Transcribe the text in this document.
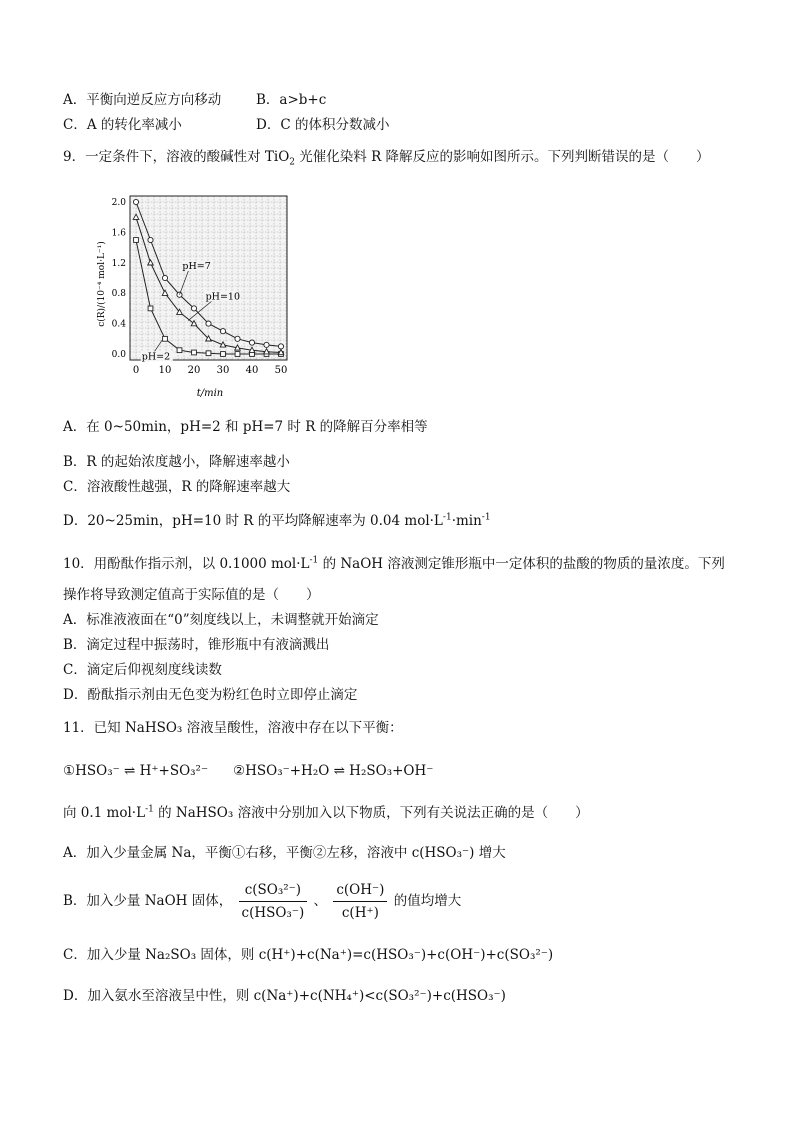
A．平衡向逆反应方向移动	B．a>b+c
C．A 的转化率减小	D．C 的体积分数减小
9．一定条件下，溶液的酸碱性对 TiO$_2$ 光催化染料 R 降解反应的影响如图所示。下列判断错误的是（　　）
0 10 20 30 40 50
0.0
0.4
0.8
1.2
1.6
2.0
c(R)/(10⁻⁴ mol·L⁻¹)
t/min
pH=2
pH=7
pH=10
A．在 0~50min，pH=2 和 pH=7 时 R 的降解百分率相等
B．R 的起始浓度越小，降解速率越小
C．溶液酸性越强，R 的降解速率越大
D．20~25min，pH=10 时 R 的平均降解速率为 0.04 $mol\cdot L^{-1}\cdot\min^{-1}$
10．用酚酞作指示剂，以 0.1000 $mol\cdot L^{-1}$ 的 NaOH 溶液测定锥形瓶中一定体积的盐酸的物质的量浓度。下列
操作将导致测定值高于实际值的是（　　）
A．标准液液面在“0”刻度线以上，未调整就开始滴定
B．滴定过程中振荡时，锥形瓶中有液滴溅出
C．滴定后仰视刻度线读数
D．酚酞指示剂由无色变为粉红色时立即停止滴定
11．已知 NaHSO₃ 溶液呈酸性，溶液中存在以下平衡：
①HSO₃⁻ ⇌ H⁺+SO₃²⁻ ②HSO₃⁻+H₂O ⇌ H₂SO₃+OH⁻
向 0.1 $mol\cdot L^{-1}$ 的 NaHSO₃ 溶液中分别加入以下物质，下列有关说法正确的是（　　）
A．加入少量金属 Na，平衡①右移，平衡②左移，溶液中 c(HSO₃⁻) 增大
B．加入少量 NaOH 固体， $\frac{\text{c(SO₃²⁻)}}{\text{c(HSO₃⁻)}}$ 、 $\frac{c(OH^-)}{c(H^+)}$ 的值均增大
C．加入少量 Na₂SO₃ 固体，则 c(H⁺)+c(Na⁺)=c(HSO₃⁻)+c(OH⁻)+c(SO₃²⁻)
D．加入氨水至溶液呈中性，则 c(Na⁺)+c(NH₄⁺)<c(SO₃²⁻)+c(HSO₃⁻)
